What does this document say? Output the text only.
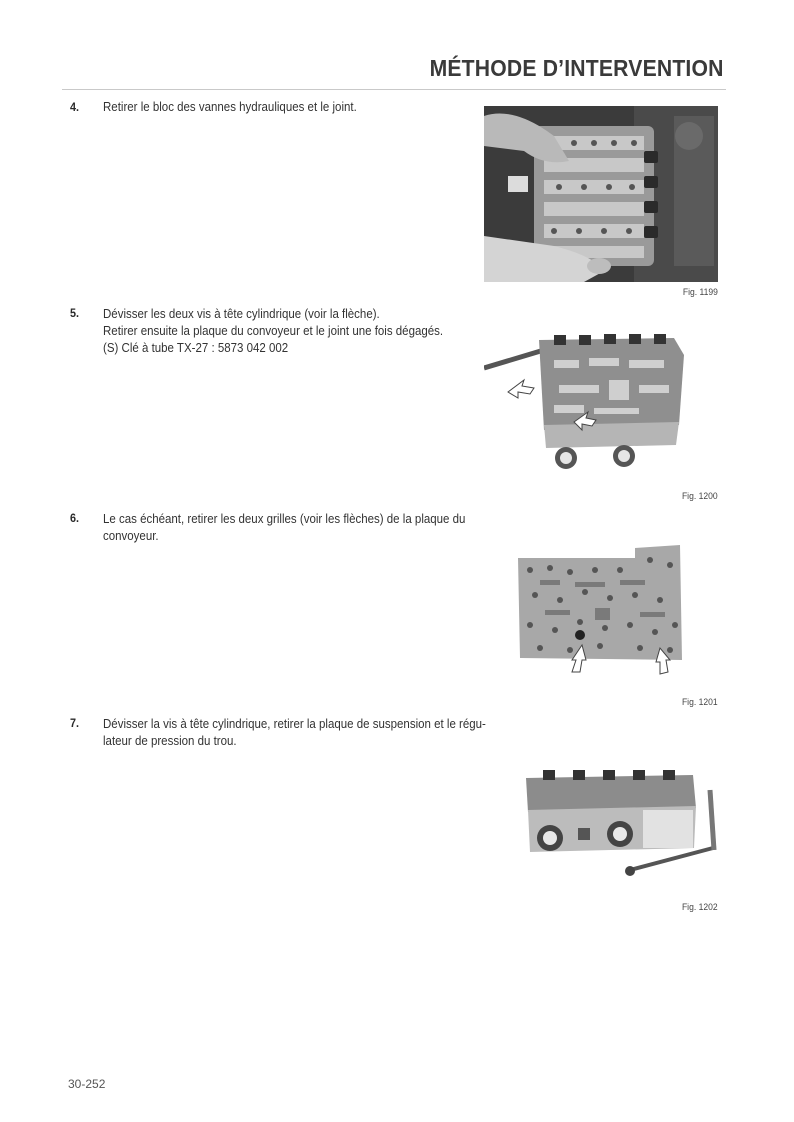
MÉTHODE D’INTERVENTION
4. Retirer le bloc des vannes hydrauliques et le joint.
Fig. 1199
5. Dévisser les deux vis à tête cylindrique (voir la flèche).
Retirer ensuite la plaque du convoyeur et le joint une fois dégagés.
(S) Clé à tube TX-27 : 5873 042 002
Fig. 1200
6. Le cas échéant, retirer les deux grilles (voir les flèches) de la plaque du
convoyeur.
Fig. 1201
7. Dévisser la vis à tête cylindrique, retirer la plaque de suspension et le régu-
lateur de pression du trou.
Fig. 1202
30-252
